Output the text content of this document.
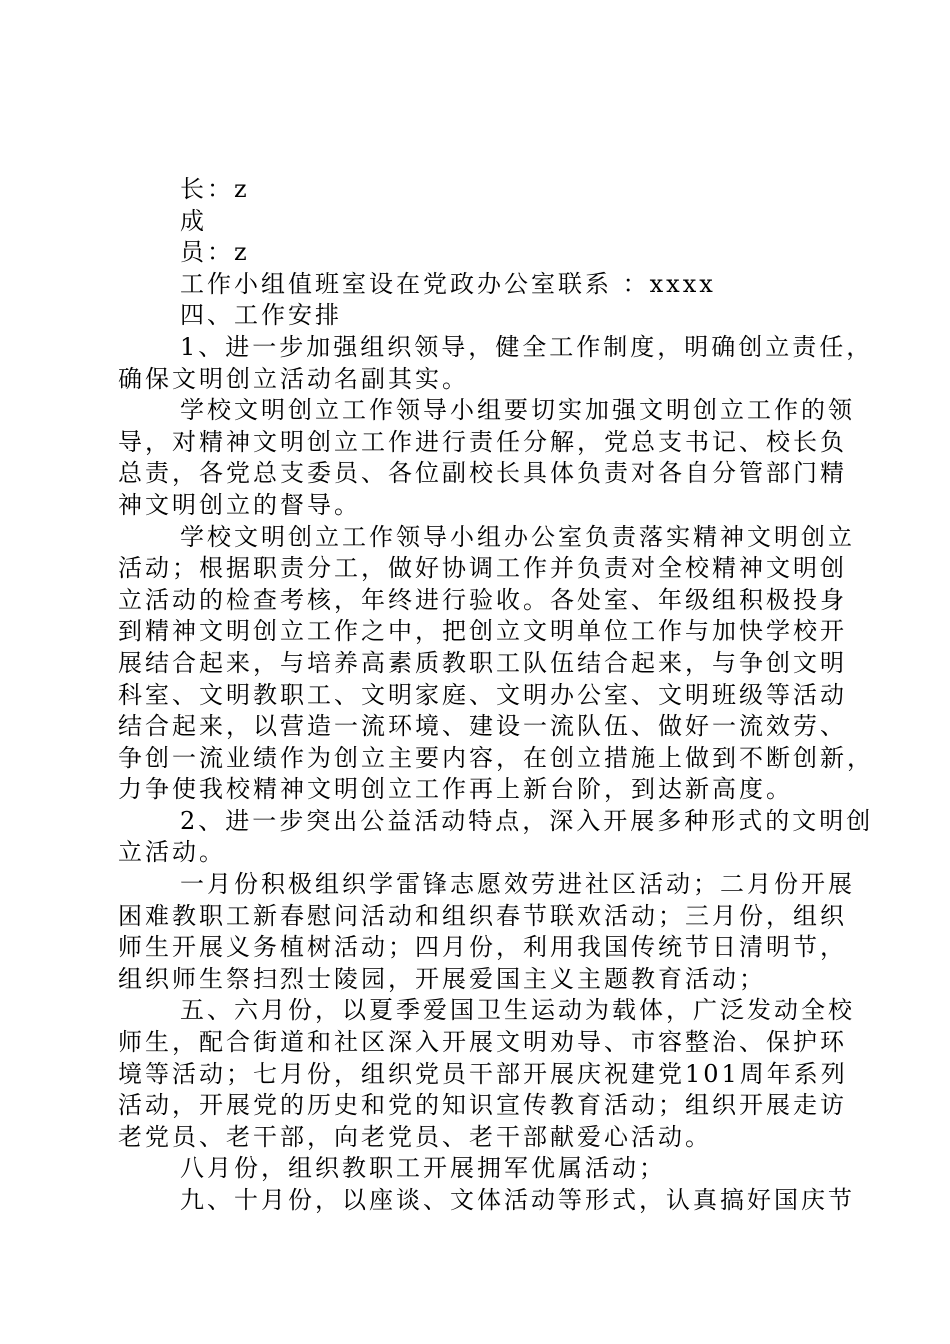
长：z
成
员：z
工作小组值班室设在党政办公室联系 ：xxxx
四、工作安排
1、进一步加强组织领导，健全工作制度，明确创立责任，
确保文明创立活动名副其实。
学校文明创立工作领导小组要切实加强文明创立工作的领
导，对精神文明创立工作进行责任分解，党总支书记、校长负
总责，各党总支委员、各位副校长具体负责对各自分管部门精
神文明创立的督导。
学校文明创立工作领导小组办公室负责落实精神文明创立
活动；根据职责分工，做好协调工作并负责对全校精神文明创
立活动的检查考核，年终进行验收。各处室、年级组积极投身
到精神文明创立工作之中，把创立文明单位工作与加快学校开
展结合起来，与培养高素质教职工队伍结合起来，与争创文明
科室、文明教职工、文明家庭、文明办公室、文明班级等活动
结合起来，以营造一流环境、建设一流队伍、做好一流效劳、
争创一流业绩作为创立主要内容，在创立措施上做到不断创新，
力争使我校精神文明创立工作再上新台阶，到达新高度。
2、进一步突出公益活动特点，深入开展多种形式的文明创
立活动。
一月份积极组织学雷锋志愿效劳进社区活动；二月份开展
困难教职工新春慰问活动和组织春节联欢活动；三月份，组织
师生开展义务植树活动；四月份，利用我国传统节日清明节，
组织师生祭扫烈士陵园，开展爱国主义主题教育活动；
五、六月份，以夏季爱国卫生运动为载体，广泛发动全校
师生，配合街道和社区深入开展文明劝导、市容整治、保护环
境等活动；七月份，组织党员干部开展庆祝建党101周年系列
活动，开展党的历史和党的知识宣传教育活动；组织开展走访
老党员、老干部，向老党员、老干部献爱心活动。
八月份，组织教职工开展拥军优属活动；
九、十月份，以座谈、文体活动等形式，认真搞好国庆节
